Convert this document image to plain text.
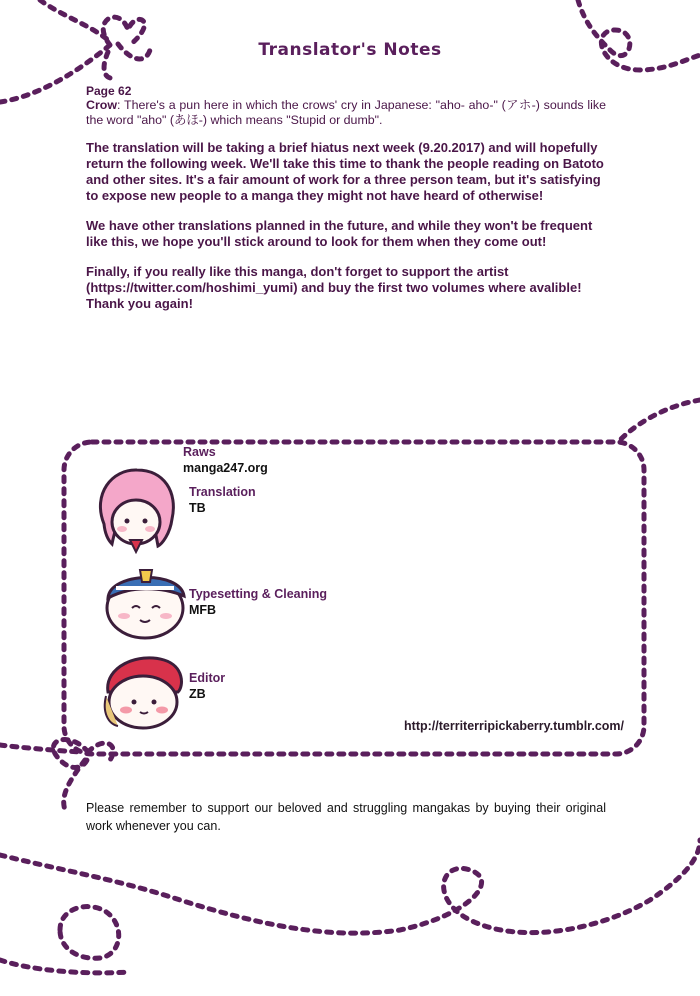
Translator's Notes
Page 62

Crow: There's a pun here in which the crows' cry in Japanese: "aho- aho-" (アホ-) sounds like the word "aho" (あほ-) which means "Stupid or dumb".

The translation will be taking a brief hiatus next week (9.20.2017) and will hopefully return the following week. We'll take this time to thank the people reading on Batoto and other sites. It's a fair amount of work for a three person team, but it's satisfying to expose new people to a manga they might not have heard of otherwise!

We have other translations planned in the future, and while they won't be frequent like this, we hope you'll stick around to look for them when they come out!

Finally, if you really like this manga, don't forget to support the artist (https://twitter.com/hoshimi_yumi) and buy the first two volumes where avalible! Thank you again!

Raws
manga247.org
Translation
TB
Typesetting & Cleaning
MFB
Editor
ZB
http://territerripickaberry.tumblr.com/
Please remember to support our beloved and struggling mangakas by buying their original work whenever you can.
